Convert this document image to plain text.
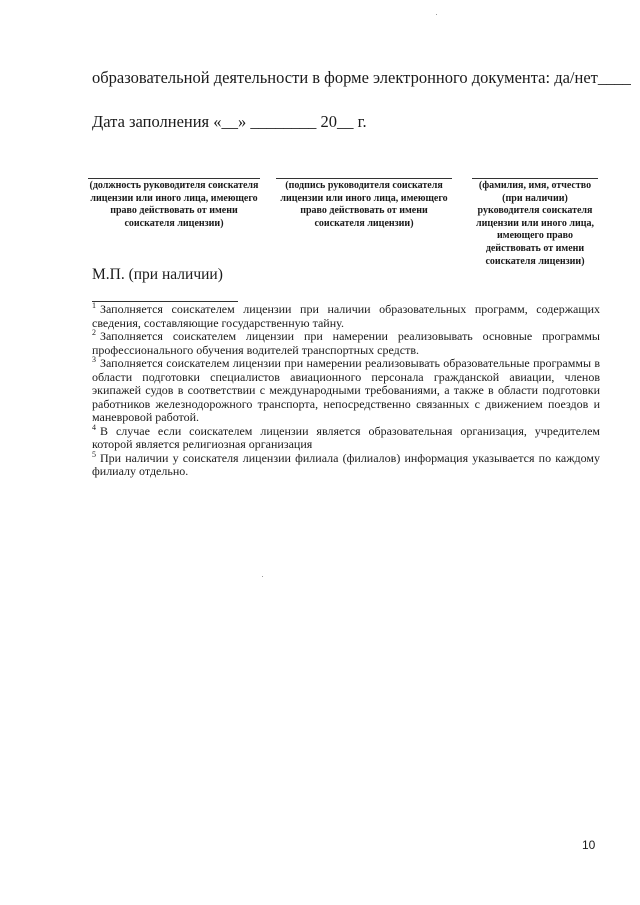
образовательной деятельности в форме электронного документа: да/нет____
Дата заполнения «__» ________ 20__ г.
(должность руководителя соискателя лицензии или иного лица, имеющего право действовать от имени соискателя лицензии)
(подпись руководителя соискателя лицензии или иного лица, имеющего право действовать от имени соискателя лицензии)
(фамилия, имя, отчество (при наличии) руководителя соискателя лицензии или иного лица, имеющего право действовать от имени соискателя лицензии)
М.П. (при наличии)

$^1$ Заполняется соискателем лицензии при наличии образовательных программ, содержащих сведения, составляющие государственную тайну.

$^2$ Заполняется соискателем лицензии при намерении реализовывать основные программы профессионального обучения водителей транспортных средств.

$^3$ Заполняется соискателем лицензии при намерении реализовывать образовательные программы в области подготовки специалистов авиационного персонала гражданской авиации, членов экипажей судов в соответствии с международными требованиями, а также в области подготовки работников железнодорожного транспорта, непосредственно связанных с движением поездов и маневровой работой.

$^4$ В случае если соискателем лицензии является образовательная организация, учредителем которой является религиозная организация

$^5$ При наличии у соискателя лицензии филиала (филиалов) информация указывается по каждому филиалу отдельно.

10
